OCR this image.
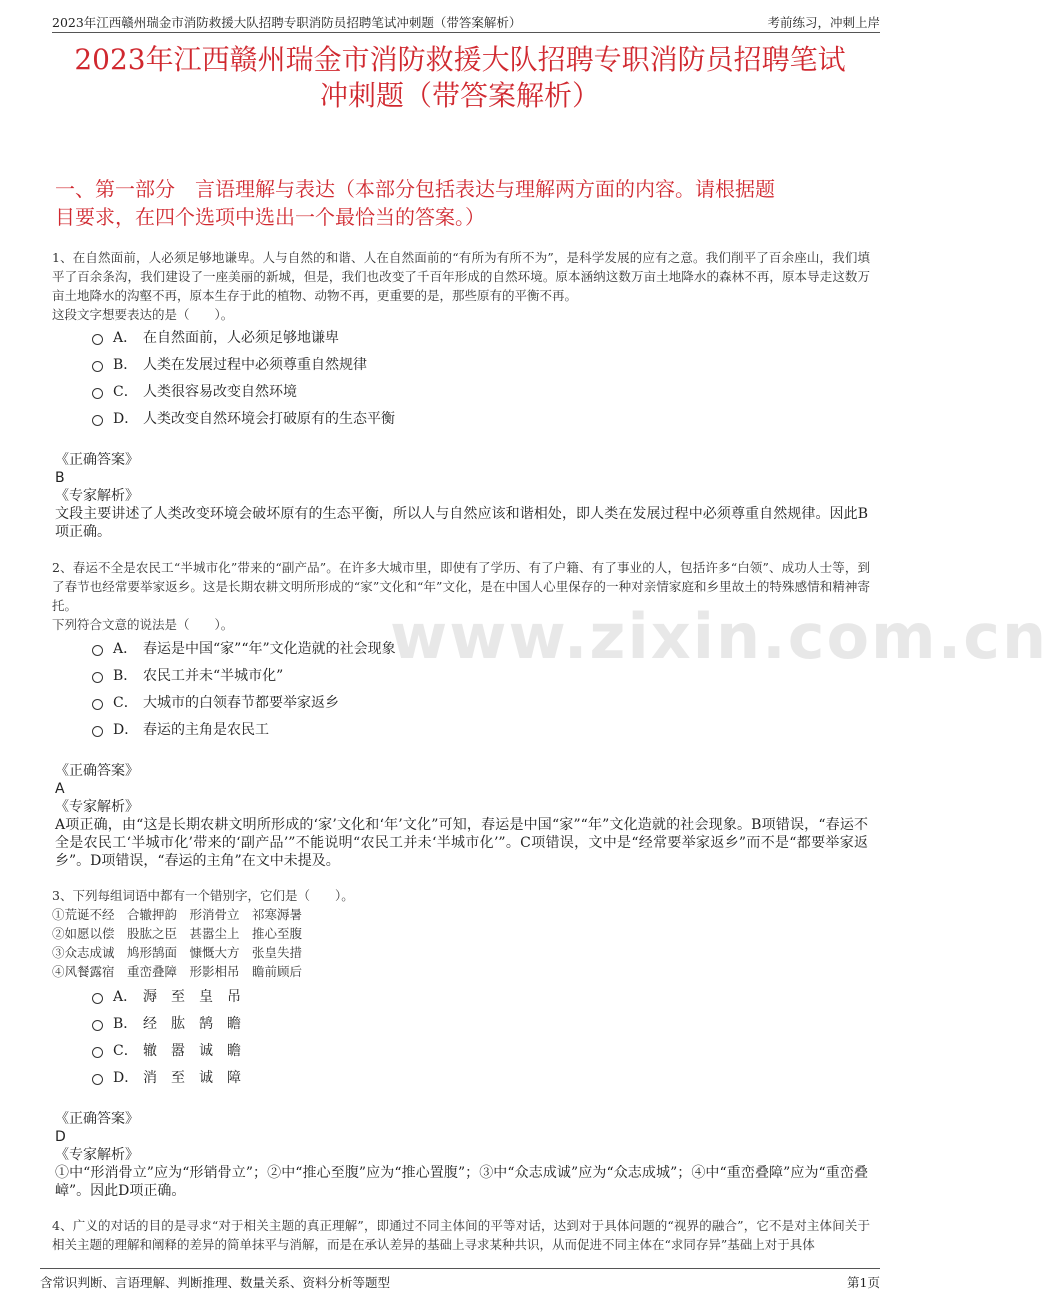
2023年江西赣州瑞金市消防救援大队招聘专职消防员招聘笔试冲刺题（带答案解析）	考前练习，冲刺上岸
2023年江西赣州瑞金市消防救援大队招聘专职消防员招聘笔试
冲刺题（带答案解析）
一、第一部分　言语理解与表达（本部分包括表达与理解两方面的内容。请根据题
目要求，在四个选项中选出一个最恰当的答案。）
www.zixin.com.cn
1、在自然面前，人必须足够地谦卑。人与自然的和谐、人在自然面前的“有所为有所不为”，是科学发展的应有之意。我们削平了百余座山，我们填平了百余条沟，我们建设了一座美丽的新城，但是，我们也改变了千百年形成的自然环境。原本涵纳这数万亩土地降水的森林不再，原本导走这数万亩土地降水的沟壑不再，原本生存于此的植物、动物不再，更重要的是，那些原有的平衡不再。
这段文字想要表达的是（　　）。
A． 在自然面前，人必须足够地谦卑
B． 人类在发展过程中必须尊重自然规律
C． 人类很容易改变自然环境
D． 人类改变自然环境会打破原有的生态平衡
《正确答案》
B
《专家解析》
文段主要讲述了人类改变环境会破坏原有的生态平衡，所以人与自然应该和谐相处，即人类在发展过程中必须尊重自然规律。因此B项正确。
2、春运不全是农民工“半城市化”带来的“副产品”。在许多大城市里，即使有了学历、有了户籍、有了事业的人，包括许多“白领”、成功人士等，到了春节也经常要举家返乡。这是长期农耕文明所形成的“家”文化和“年”文化，是在中国人心里保存的一种对亲情家庭和乡里故土的特殊感情和精神寄托。
下列符合文意的说法是（　　）。
A． 春运是中国“家”“年”文化造就的社会现象
B． 农民工并未“半城市化”
C． 大城市的白领春节都要举家返乡
D． 春运的主角是农民工
《正确答案》
A
《专家解析》
A项正确，由“这是长期农耕文明所形成的‘家’文化和‘年’文化”可知，春运是中国“家”“年”文化造就的社会现象。B项错误，“春运不全是农民工‘半城市化’带来的‘副产品’”不能说明“农民工并未‘半城市化’”。C项错误，文中是“经常要举家返乡”而不是“都要举家返乡”。D项错误，“春运的主角”在文中未提及。
3、下列每组词语中都有一个错别字，它们是（　　）。
①荒诞不经　合辙押韵　形消骨立　祁寒溽暑
②如愿以偿　股肱之臣　甚嚣尘上　推心至腹
③众志成诚　鸠形鹄面　慷慨大方　张皇失措
④风餐露宿　重峦叠障　形影相吊　瞻前顾后
A． 溽　至　皇　吊
B． 经　肱　鹄　瞻
C． 辙　嚣　诚　瞻
D． 消　至　诚　障
《正确答案》
D
《专家解析》
①中“形消骨立”应为“形销骨立”；②中“推心至腹”应为“推心置腹”；③中“众志成诚”应为“众志成城”；④中“重峦叠障”应为“重峦叠嶂”。因此D项正确。
4、广义的对话的目的是寻求“对于相关主题的真正理解”，即通过不同主体间的平等对话，达到对于具体问题的“视界的融合”，它不是对主体间关于相关主题的理解和阐释的差异的简单抹平与消解，而是在承认差异的基础上寻求某种共识，从而促进不同主体在“求同存异”基础上对于具体
含常识判断、言语理解、判断推理、数量关系、资料分析等题型	第1页
